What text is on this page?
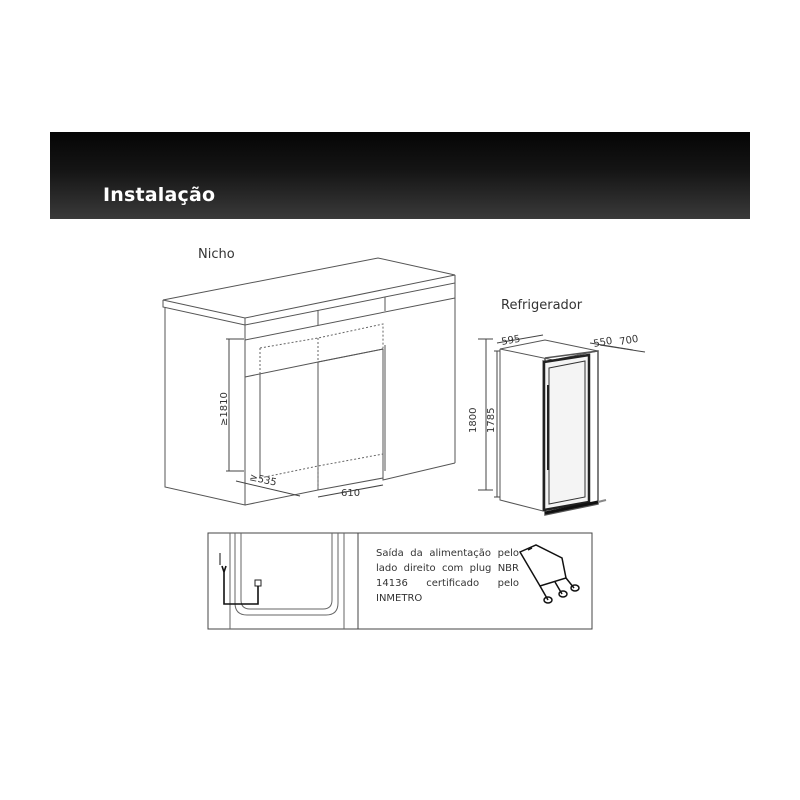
Instalação
Nicho
Refrigerador
≥1810
≥535
610
595	550 700
1800 1785
Saída da alimentação pelo lado direito com plug NBR 14136 certificado pelo INMETRO
